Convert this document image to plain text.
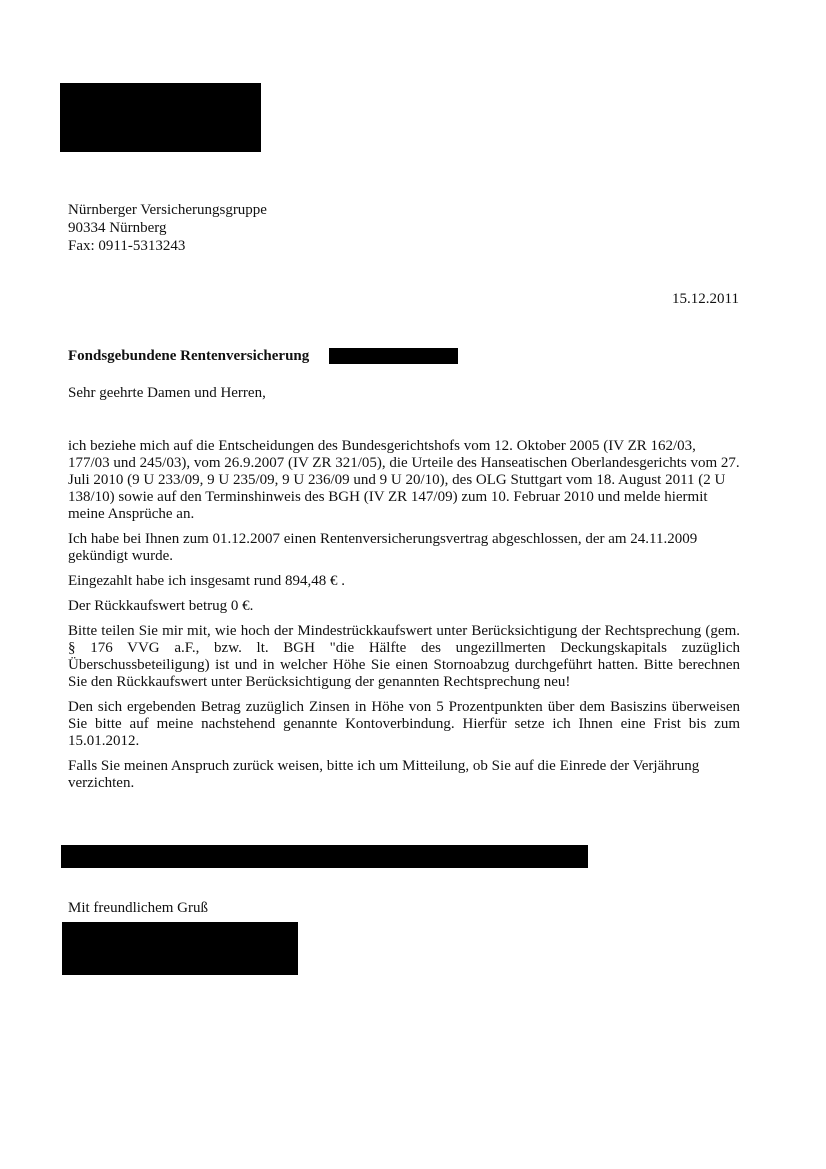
Nürnberger Versicherungsgruppe
90334 Nürnberg
Fax: 0911-5313243
15.12.2011
Fondsgebundene Rentenversicherung
Sehr geehrte Damen und Herren,

ich beziehe mich auf die Entscheidungen des Bundesgerichtshofs vom 12. Oktober 2005 (IV ZR 162/03, 177/03 und 245/03), vom 26.9.2007 (IV ZR 321/05), die Urteile des Hanseatischen Oberlandesgerichts vom 27. Juli 2010 (9 U 233/09, 9 U 235/09, 9 U 236/09 und 9 U 20/10), des OLG Stuttgart vom 18. August 2011 (2 U 138/10) sowie auf den Terminshinweis des BGH (IV ZR 147/09) zum 10. Februar 2010 und melde hiermit meine Ansprüche an.

Ich habe bei Ihnen zum 01.12.2007 einen Rentenversicherungsvertrag abgeschlossen, der am 24.11.2009 gekündigt wurde.

Eingezahlt habe ich insgesamt rund 894,48 € .

Der Rückkaufswert betrug 0 €.

Bitte teilen Sie mir mit, wie hoch der Mindestrückkaufswert unter Berücksichtigung der Rechtsprechung (gem. § 176 VVG a.F., bzw. lt. BGH "die Hälfte des ungezillmerten Deckungskapitals zuzüglich Überschussbeteiligung) ist und in welcher Höhe Sie einen Stornoabzug durchgeführt hatten. Bitte berechnen Sie den Rückkaufswert unter Berücksichtigung der genannten Rechtsprechung neu!

Den sich ergebenden Betrag zuzüglich Zinsen in Höhe von 5 Prozentpunkten über dem Basiszins überweisen Sie bitte auf meine nachstehend genannte Kontoverbindung. Hierfür setze ich Ihnen eine Frist bis zum 15.01.2012.

Falls Sie meinen Anspruch zurück weisen, bitte ich um Mitteilung, ob Sie auf die Einrede der Verjährung verzichten.

Mit freundlichem Gruß
